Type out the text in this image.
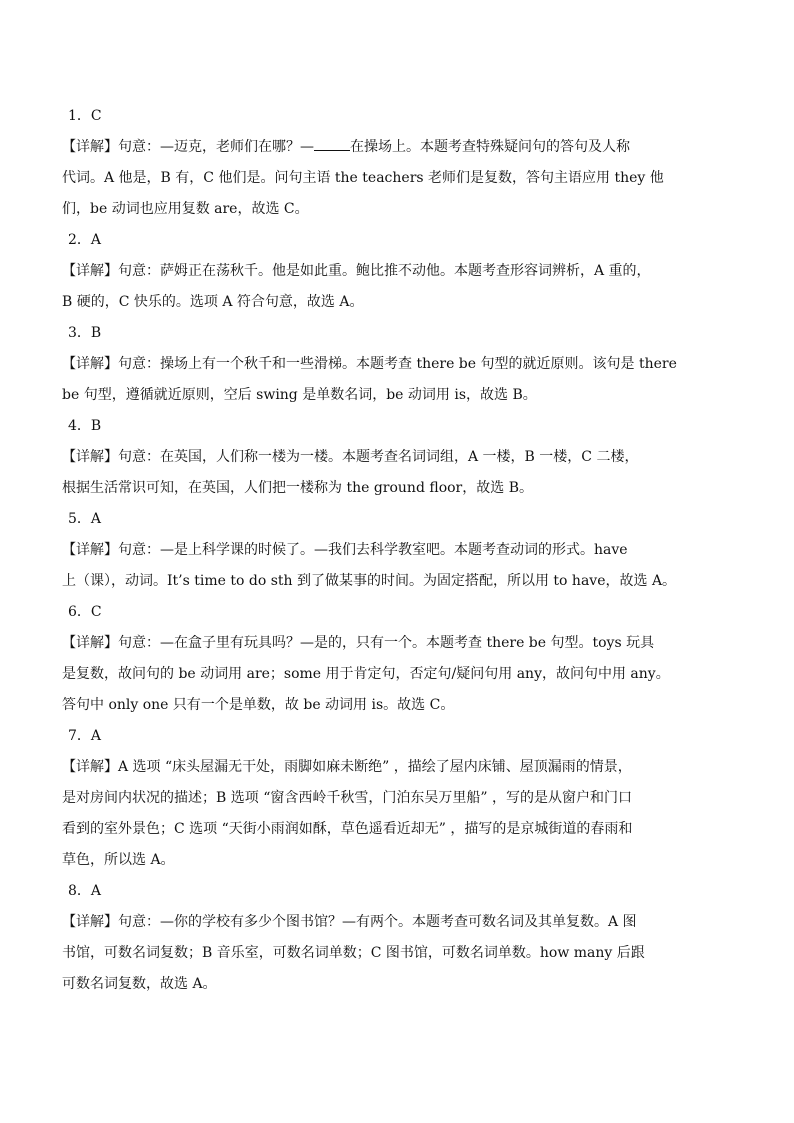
1．C
【详解】句意：—迈克，老师们在哪？—	在操场上。本题考查特殊疑问句的答句及人称
代词。A 他是，B 有，C 他们是。问句主语 the teachers 老师们是复数，答句主语应用 they 他
们，be 动词也应用复数 are，故选 C。
2．A
【详解】句意：萨姆正在荡秋千。他是如此重。鲍比推不动他。本题考查形容词辨析，A 重的，
B 硬的，C 快乐的。选项 A 符合句意，故选 A。
3．B
【详解】句意：操场上有一个秋千和一些滑梯。本题考查 there be 句型的就近原则。该句是 there
be 句型，遵循就近原则，空后 swing 是单数名词，be 动词用 is，故选 B。
4．B
【详解】句意：在英国，人们称一楼为一楼。本题考查名词词组，A 一楼，B 一楼，C 二楼，
根据生活常识可知，在英国，人们把一楼称为 the ground floor，故选 B。
5．A
【详解】句意：—是上科学课的时候了。—我们去科学教室吧。本题考查动词的形式。have
上（课），动词。It’s time to do sth 到了做某事的时间。为固定搭配，所以用 to have，故选 A。
6．C
【详解】句意：—在盒子里有玩具吗？—是的，只有一个。本题考查 there be 句型。toys 玩具
是复数，故问句的 be 动词用 are；some 用于肯定句，否定句/疑问句用 any，故问句中用 any。
答句中 only one 只有一个是单数，故 be 动词用 is。故选 C。
7．A
【详解】A 选项 “床头屋漏无干处，雨脚如麻未断绝” ，描绘了屋内床铺、屋顶漏雨的情景，
是对房间内状况的描述；B 选项 “窗含西岭千秋雪，门泊东吴万里船” ，写的是从窗户和门口
看到的室外景色；C 选项 “天街小雨润如酥，草色遥看近却无” ，描写的是京城街道的春雨和
草色，所以选 A。
8．A
【详解】句意：—你的学校有多少个图书馆？—有两个。本题考查可数名词及其单复数。A 图
书馆，可数名词复数；B 音乐室，可数名词单数；C 图书馆，可数名词单数。how many 后跟
可数名词复数，故选 A。
